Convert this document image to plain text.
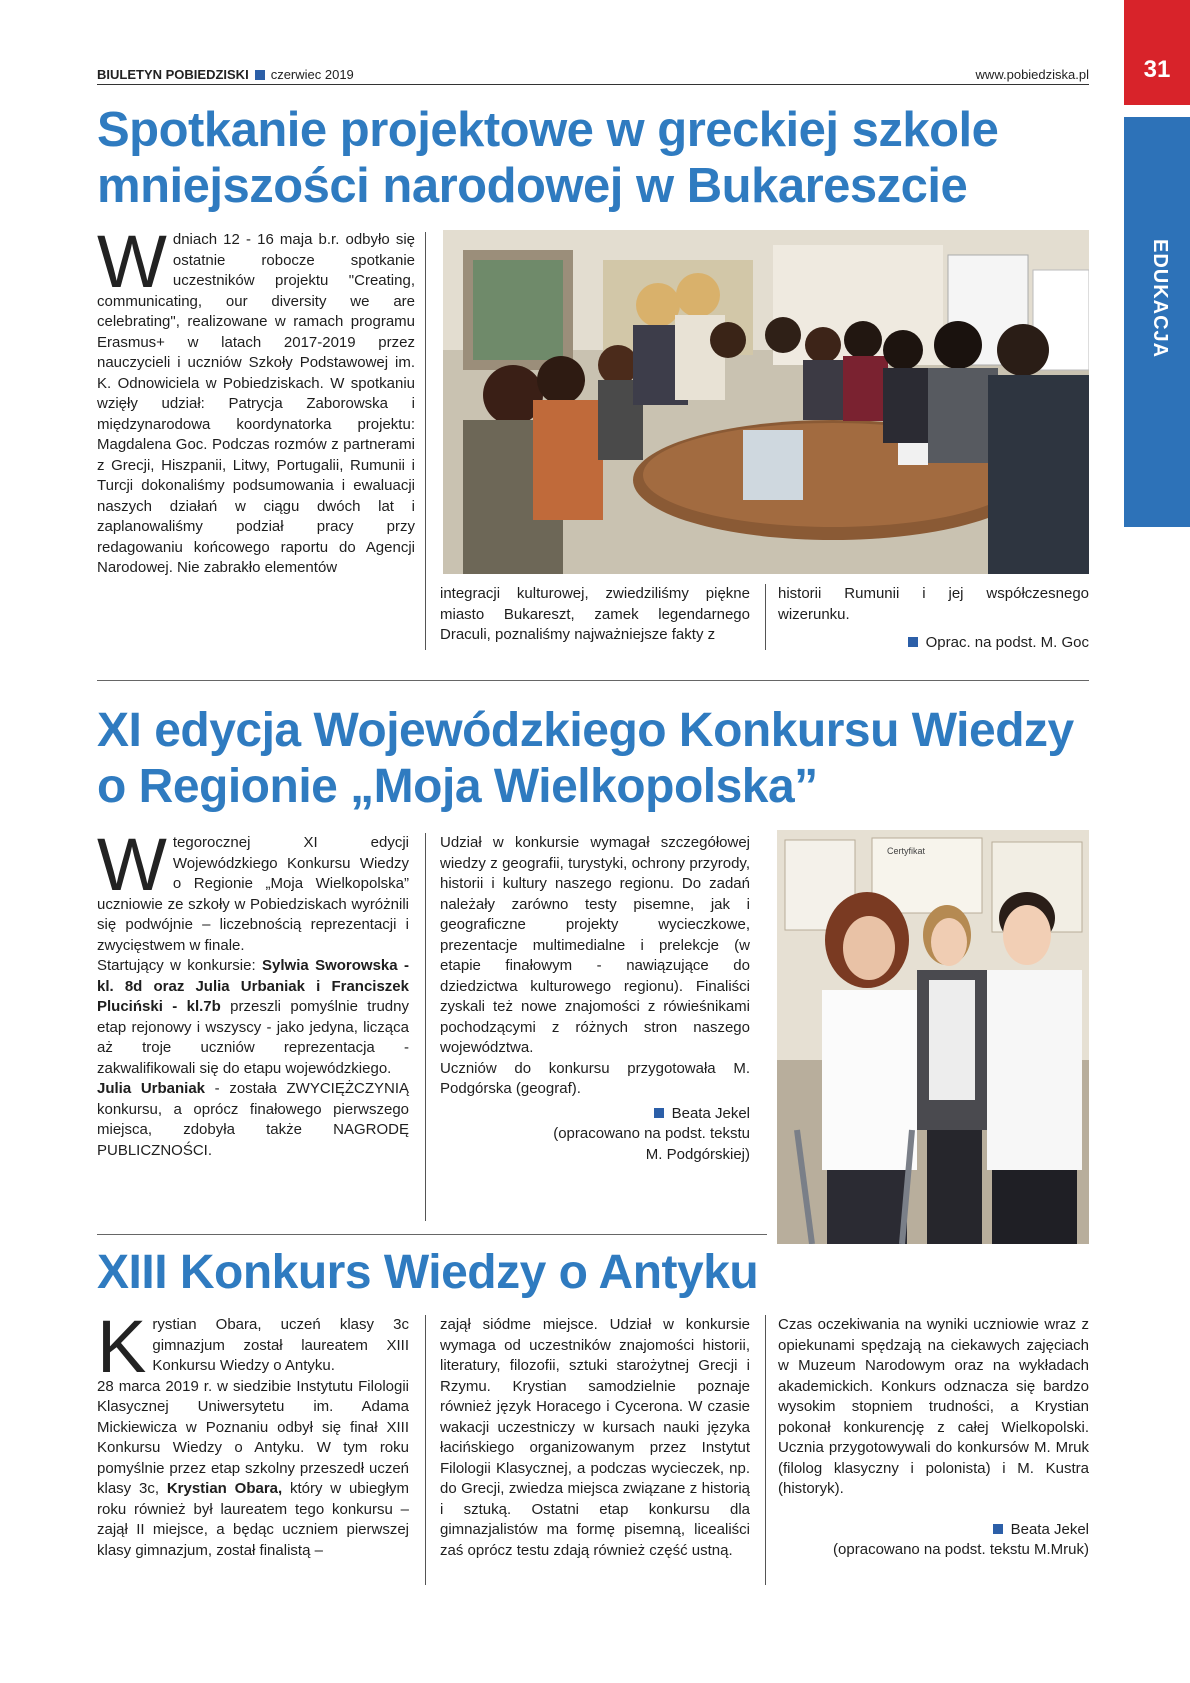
BIULETYN POBIEDZISKI czerwiec 2019	www.pobiedziska.pl	31
EDUKACJA
Spotkanie projektowe w greckiej szkole
mniejszości narodowej w Bukareszcie
W dniach 12 - 16 maja b.r. odbyło się ostatnie robocze spotkanie uczestników projektu "Creating, communicating, our diversity we are celebrating", realizowane w ramach programu Erasmus+ w latach 2017-2019 przez nauczycieli i uczniów Szkoły Podstawowej im. K. Odnowiciela w Pobiedziskach. W spotkaniu wzięły udział: Patrycja Zaborowska i międzynarodowa koordynatorka projektu: Magdalena Goc. Podczas rozmów z partnerami z Grecji, Hiszpanii, Litwy, Portugalii, Rumunii i Turcji dokonaliśmy podsumowania i ewaluacji naszych działań w ciągu dwóch lat i zaplanowaliśmy podział pracy przy redagowaniu końcowego raportu do Agencji Narodowej. Nie zabrakło elementów
integracji kulturowej, zwiedziliśmy piękne miasto Bukareszt, zamek legendarnego Draculi, poznaliśmy najważniejsze fakty z
historii Rumunii i jej współczesnego wizerunku.
Oprac. na podst. M. Goc
XI edycja Wojewódzkiego Konkursu Wiedzy
o Regionie „Moja Wielkopolska”
W tegorocznej XI edycji Wojewódzkiego Konkursu Wiedzy o Regionie „Moja Wielkopolska” uczniowie ze szkoły w Pobiedziskach wyróżnili się podwójnie – liczebnością reprezentacji i zwycięstwem w finale.
Startujący w konkursie: Sylwia Sworowska - kl. 8d oraz Julia Urbaniak i Franciszek Pluciński - kl.7b przeszli pomyślnie trudny etap rejonowy i wszyscy - jako jedyna, licząca aż troje uczniów reprezentacja - zakwalifikowali się do etapu wojewódzkiego.
Julia Urbaniak - została ZWYCIĘŻCZYNIĄ konkursu, a oprócz finałowego pierwszego miejsca, zdobyła także NAGRODĘ PUBLICZNOŚCI.
Udział w konkursie wymagał szczegółowej wiedzy z geografii, turystyki, ochrony przyrody, historii i kultury naszego regionu. Do zadań należały zarówno testy pisemne, jak i geograficzne projekty wycieczkowe, prezentacje multimedialne i prelekcje (w etapie finałowym - nawiązujące do dziedzictwa kulturowego regionu). Finaliści zyskali też nowe znajomości z rówieśnikami pochodzącymi z różnych stron naszego województwa.
Uczniów do konkursu przygotowała M. Podgórska (geograf).
Beata Jekel
(opracowano na podst. tekstu
M. Podgórskiej)
Certyfikat
XIII Konkurs Wiedzy o Antyku
Krystian Obara, uczeń klasy 3c gimnazjum został laureatem XIII Konkursu Wiedzy o Antyku.
28 marca 2019 r. w siedzibie Instytutu Filologii Klasycznej Uniwersytetu im. Adama Mickiewicza w Poznaniu odbył się finał XIII Konkursu Wiedzy o Antyku. W tym roku pomyślnie przez etap szkolny przeszedł uczeń klasy 3c, Krystian Obara, który w ubiegłym roku również był laureatem tego konkursu – zajął II miejsce, a będąc uczniem pierwszej klasy gimnazjum, został finalistą –
zajął siódme miejsce. Udział w konkursie wymaga od uczestników znajomości historii, literatury, filozofii, sztuki starożytnej Grecji i Rzymu. Krystian samodzielnie poznaje również język Horacego i Cycerona. W czasie wakacji uczestniczy w kursach nauki języka łacińskiego organizowanym przez Instytut Filologii Klasycznej, a podczas wycieczek, np. do Grecji, zwiedza miejsca związane z historią i sztuką. Ostatni etap konkursu dla gimnazjalistów ma formę pisemną, licealiści zaś oprócz testu zdają również część ustną.
Czas oczekiwania na wyniki uczniowie wraz z opiekunami spędzają na ciekawych zajęciach w Muzeum Narodowym oraz na wykładach akademickich. Konkurs odznacza się bardzo wysokim stopniem trudności, a Krystian pokonał konkurencję z całej Wielkopolski. Ucznia przygotowywali do konkursów M. Mruk (filolog klasyczny i polonista) i M. Kustra (historyk).
Beata Jekel
(opracowano na podst. tekstu M.Mruk)
